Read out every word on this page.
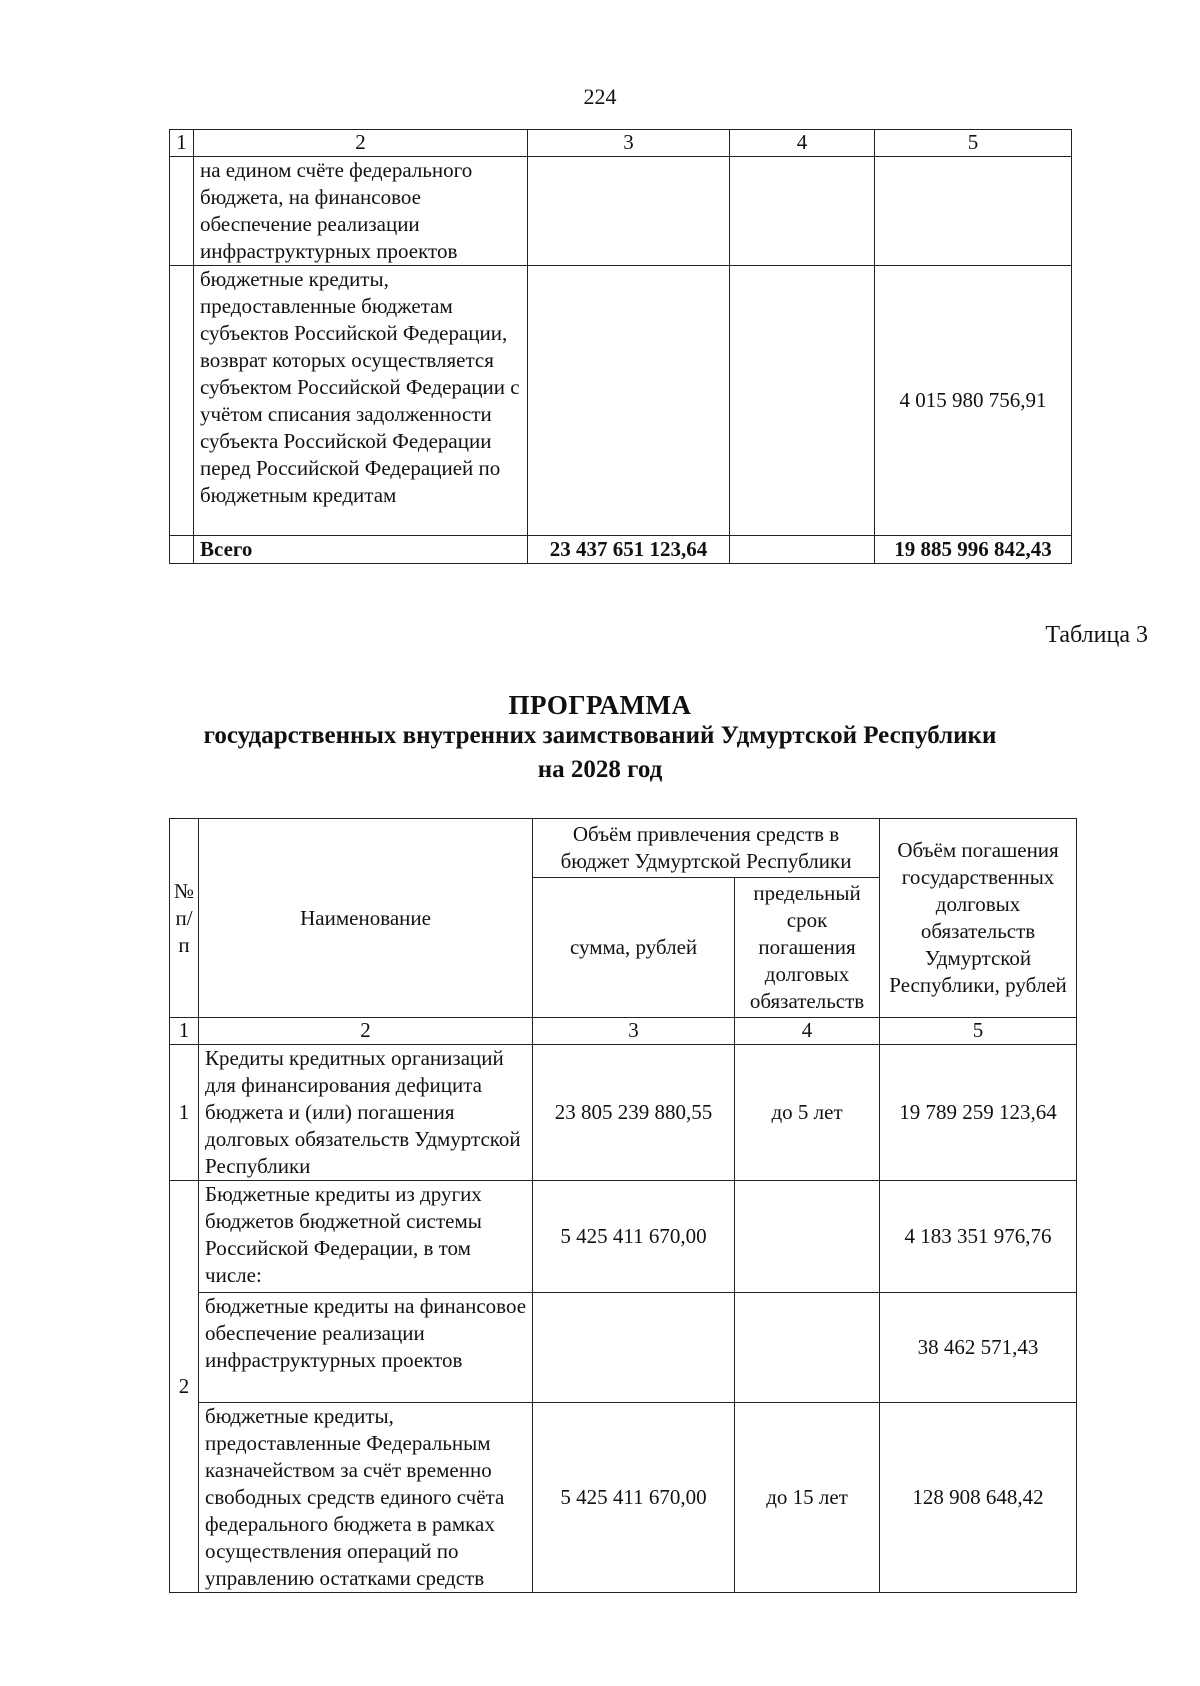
224
1	2	3	4	5
	на едином счёте федерального бюджета, на финансовое обеспечение реализации инфраструктурных проектов			
	бюджетные кредиты, предоставленные бюджетам субъектов Российской Федерации, возврат которых осуществляется субъектом Российской Федерации с учётом списания задолженности субъекта Российской Федерации перед Российской Федерацией по бюджетным кредитам			4 015 980 756,91
	Всего	23 437 651 123,64		19 885 996 842,43
Таблица 3
ПРОГРАММА
государственных внутренних заимствований Удмуртской Республики
на 2028 год
№ п/п	Наименование	Объём привлечения средств в бюджет Удмуртской Республики		Объём погашения государственных долговых обязательств Удмуртской Республики, рублей
		сумма, рублей	предельный срок погашения долговых обязательств	
1	2	3	4	5
1	Кредиты кредитных организаций для финансирования дефицита бюджета и (или) погашения долговых обязательств Удмуртской Республики	23 805 239 880,55	до 5 лет	19 789 259 123,64
2	Бюджетные кредиты из других бюджетов бюджетной системы Российской Федерации, в том числе:	5 425 411 670,00		4 183 351 976,76
	бюджетные кредиты на финансовое обеспечение реализации инфраструктурных проектов			38 462 571,43
	бюджетные кредиты, предоставленные Федеральным казначейством за счёт временно свободных средств единого счёта федерального бюджета в рамках осуществления операций по управлению остатками средств	5 425 411 670,00	до 15 лет	128 908 648,42
